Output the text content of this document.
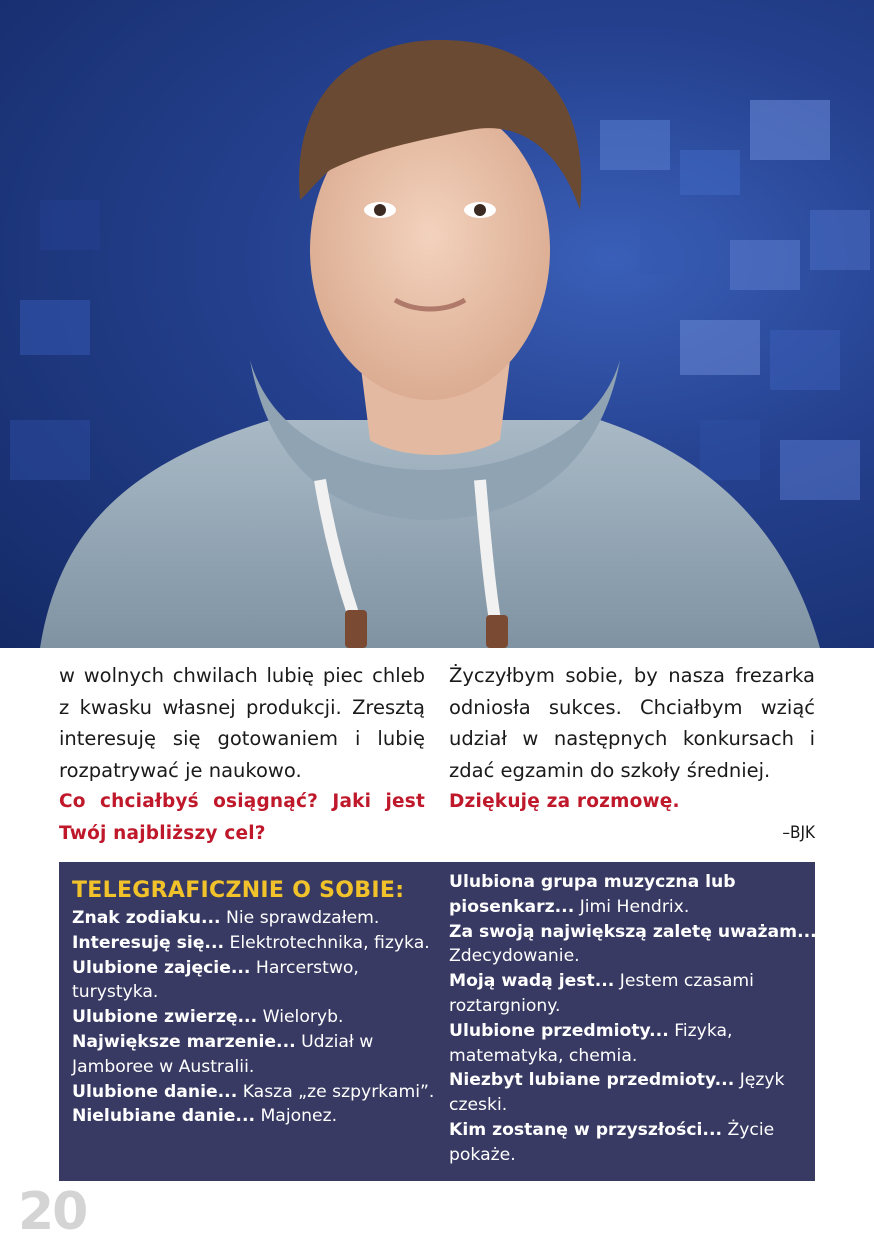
w wolnych chwilach lubię piec chleb z kwasku własnej produkcji. Zresztą interesuję się gotowaniem i lubię rozpatrywać je naukowo.

Co chciałbyś osiągnąć? Jaki jest Twój najbliższy cel?

Życzyłbym sobie, by nasza frezarka odniosła sukces. Chciałbym wziąć udział w następnych konkursach i zdać egzamin do szkoły średniej.

Dziękuję za rozmowę.

–BJK

TELEGRAFICZNIE O SOBIE:

Znak zodiaku... Nie sprawdzałem.

Interesuję się... Elektrotechnika, fizyka.

Ulubione zajęcie... Harcerstwo, turystyka.

Ulubione zwierzę... Wieloryb.

Największe marzenie... Udział w Jamboree w Australii.

Ulubione danie... Kasza „ze szpyrkami”.

Nielubiane danie... Majonez.

Ulubiona grupa muzyczna lub piosenkarz... Jimi Hendrix.

Za swoją największą zaletę uważam... Zdecydowanie.

Moją wadą jest... Jestem czasami roztargniony.

Ulubione przedmioty... Fizyka, matematyka, chemia.

Niezbyt lubiane przedmioty... Język czeski.

Kim zostanę w przyszłości... Życie pokaże.

20
